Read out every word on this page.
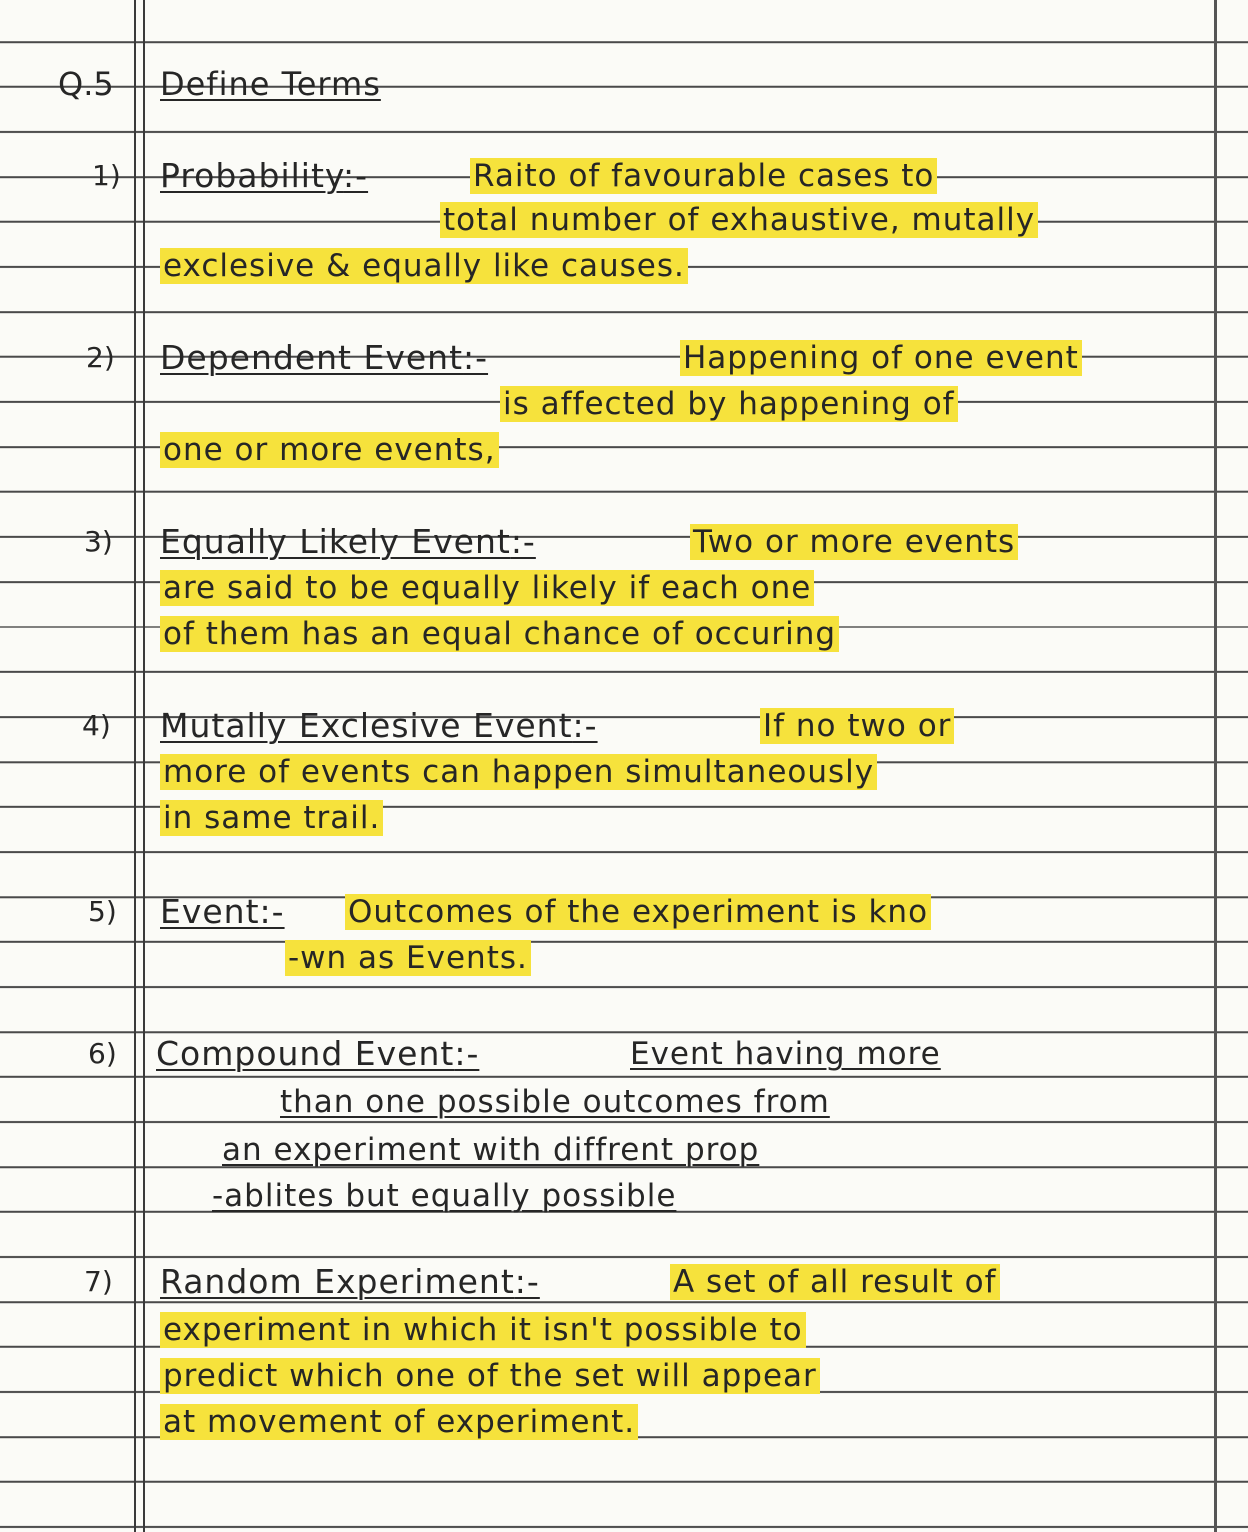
Q.5 Define Terms
1) Probability:-	Raito of favourable cases to
total number of exhaustive, mutally
exclesive & equally like causes.
2) Dependent Event:-	Happening of one event
is affected by happening of
one or more events,
3) Equally Likely Event:-	Two or more events
are said to be equally likely if each one
of them has an equal chance of occuring
4) Mutally Exclesive Event:-	If no two or
more of events can happen simultaneously
in same trail.
5) Event:- Outcomes of the experiment is kno
-wn as Events.
6) Compound Event:-	Event having more
than one possible outcomes from
an experiment with diffrent prop
-ablites but equally possible
7) Random Experiment:-	A set of all result of
experiment in which it isn't possible to
predict which one of the set will appear
at movement of experiment.
